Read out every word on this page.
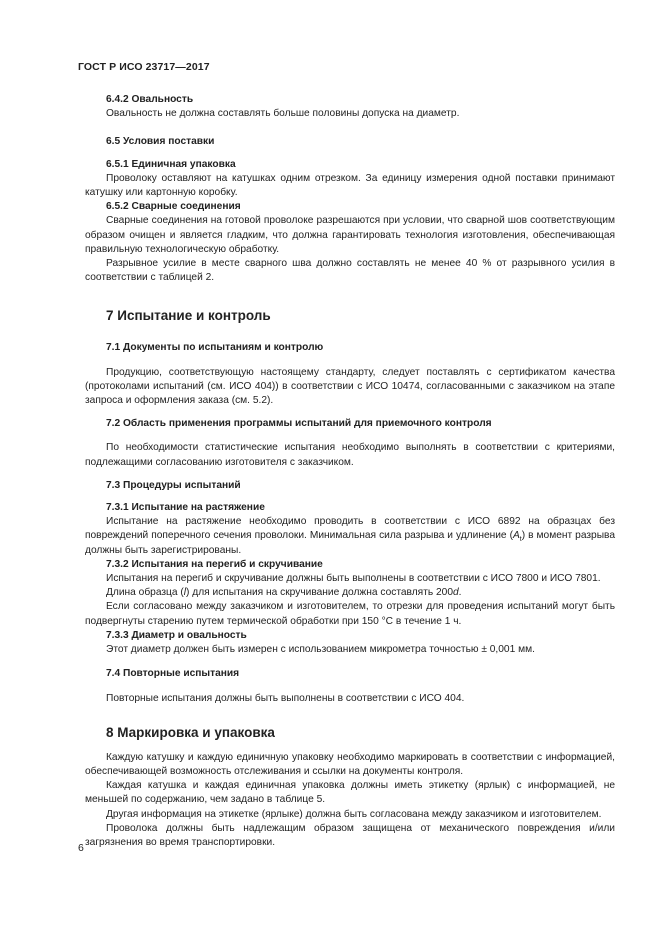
ГОСТ Р ИСО 23717—2017
6.4.2 Овальность

Овальность не должна составлять больше половины допуска на диаметр.

6.5 Условия поставки
6.5.1 Единичная упаковка

Проволоку оставляют на катушках одним отрезком. За единицу измерения одной поставки принимают катушку или картонную коробку.

6.5.2 Сварные соединения

Сварные соединения на готовой проволоке разрешаются при условии, что сварной шов соответствующим образом очищен и является гладким, что должна гарантировать технология изготовления, обеспечивающая правильную технологическую обработку.

Разрывное усилие в месте сварного шва должно составлять не менее 40 % от разрывного усилия в соответствии с таблицей 2.

7 Испытание и контроль
7.1 Документы по испытаниям и контролю

Продукцию, соответствующую настоящему стандарту, следует поставлять с сертификатом качества (протоколами испытаний (см. ИСО 404)) в соответствии с ИСО 10474, согласованными с заказчиком на этапе запроса и оформления заказа (см. 5.2).

7.2 Область применения программы испытаний для приемочного контроля

По необходимости статистические испытания необходимо выполнять в соответствии с критериями, подлежащими согласованию изготовителя с заказчиком.

7.3 Процедуры испытаний
7.3.1 Испытание на растяжение

Испытание на растяжение необходимо проводить в соответствии с ИСО 6892 на образцах без повреждений поперечного сечения проволоки. Минимальная сила разрыва и удлинение $(A_t)$ в момент разрыва должны быть зарегистрированы.

7.3.2 Испытания на перегиб и скручивание

Испытания на перегиб и скручивание должны быть выполнены в соответствии с ИСО 7800 и ИСО 7801.

Длина образца (l) для испытания на скручивание должна составлять 200d.

Если согласовано между заказчиком и изготовителем, то отрезки для проведения испытаний могут быть подвергнуты старению путем термической обработки при 150 °С в течение 1 ч.

7.3.3 Диаметр и овальность

Этот диаметр должен быть измерен с использованием микрометра точностью ± 0,001 мм.

7.4 Повторные испытания

Повторные испытания должны быть выполнены в соответствии с ИСО 404.

8 Маркировка и упаковка

Каждую катушку и каждую единичную упаковку необходимо маркировать в соответствии с информацией, обеспечивающей возможность отслеживания и ссылки на документы контроля.

Каждая катушка и каждая единичная упаковка должны иметь этикетку (ярлык) с информацией, не меньшей по содержанию, чем задано в таблице 5.

Другая информация на этикетке (ярлыке) должна быть согласована между заказчиком и изготовителем.

Проволока должны быть надлежащим образом защищена от механического повреждения и/или загрязнения во время транспортировки.

6
